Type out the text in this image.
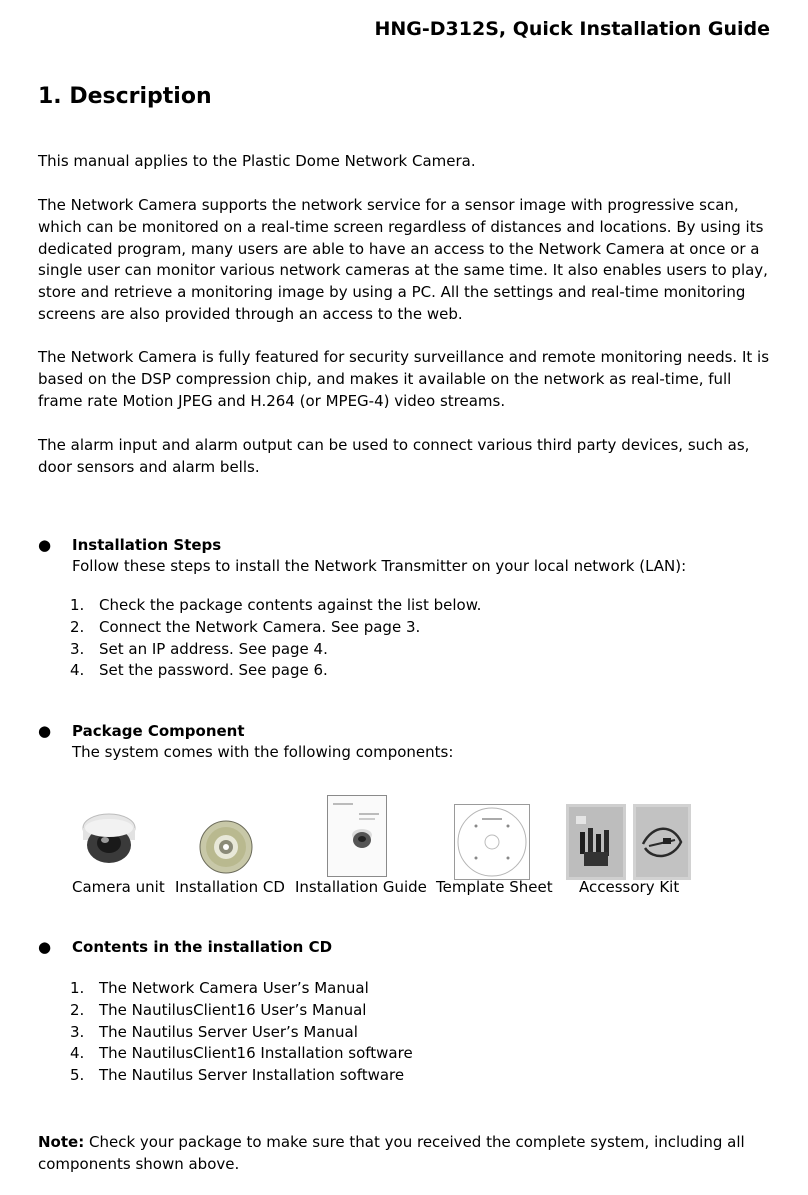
HNG-D312S, Quick Installation Guide
1. Description

This manual applies to the Plastic Dome Network Camera.

The Network Camera supports the network service for a sensor image with progressive scan, which can be monitored on a real-time screen regardless of distances and locations. By using its dedicated program, many users are able to have an access to the Network Camera at once or a single user can monitor various network cameras at the same time. It also enables users to play, store and retrieve a monitoring image by using a PC. All the settings and real-time monitoring screens are also provided through an access to the web.

The Network Camera is fully featured for security surveillance and remote monitoring needs. It is based on the DSP compression chip, and makes it available on the network as real-time, full frame rate Motion JPEG and H.264 (or MPEG-4) video streams.

The alarm input and alarm output can be used to connect various third party devices, such as, door sensors and alarm bells.

● Installation Steps
Follow these steps to install the Network Transmitter on your local network (LAN):
1. Check the package contents against the list below.
2. Connect the Network Camera. See page 3.
3. Set an IP address. See page 4.
4. Set the password. See page 6.
● Package Component
The system comes with the following components:
Camera unit Installation CD Installation Guide Template Sheet Accessory Kit
● Contents in the installation CD
1. The Network Camera User’s Manual
2. The NautilusClient16 User’s Manual
3. The Nautilus Server User’s Manual
4. The NautilusClient16 Installation software
5. The Nautilus Server Installation software

Note: Check your package to make sure that you received the complete system, including all components shown above.
